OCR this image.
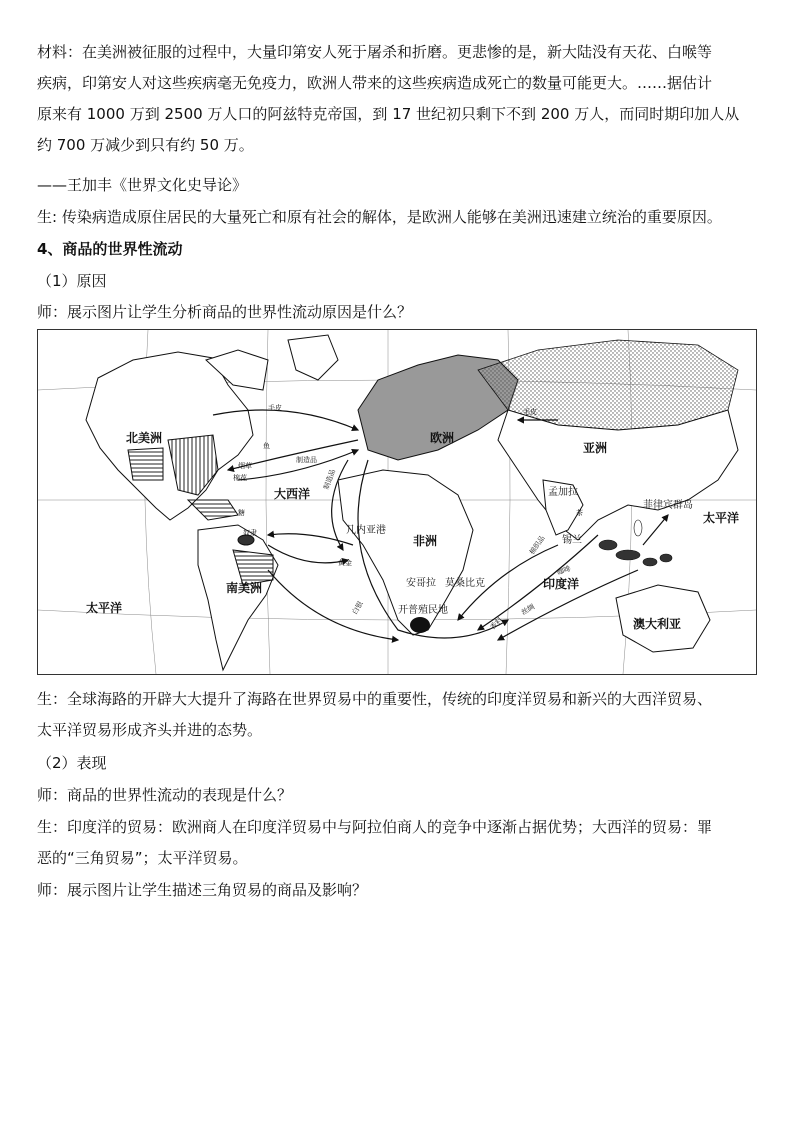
材料：在美洲被征服的过程中，大量印第安人死于屠杀和折磨。更悲惨的是，新大陆没有天花、白喉等
疾病，印第安人对这些疾病毫无免疫力，欧洲人带来的这些疾病造成死亡的数量可能更大。……据估计
原来有 1000 万到 2500 万人口的阿兹特克帝国，到 17 世纪初只剩下不到 200 万人，而同时期印加人从
约 700 万减少到只有约 50 万。
——王加丰《世界文化史导论》
生: 传染病造成原住居民的大量死亡和原有社会的解体，是欧洲人能够在美洲迅速建立统治的重要原因。
4、商品的世界性流动
（1）原因
师：展示图片让学生分析商品的世界性流动原因是什么？
北美洲
南美洲
大西洋
太平洋
太平洋
印度洋
非洲
欧洲
亚洲
澳大利亚
几内亚港
安哥拉 莫桑比克
开普殖民地
孟加拉
锡兰
菲律宾群岛
制造品
制造品
毛皮
棉花
烟草
糖
奴隶
鱼
白银
香料
茶
丝绸
棉织品
毛皮
咖啡
黄金
生：全球海路的开辟大大提升了海路在世界贸易中的重要性，传统的印度洋贸易和新兴的大西洋贸易、
太平洋贸易形成齐头并进的态势。
（2）表现
师：商品的世界性流动的表现是什么？
生：印度洋的贸易：欧洲商人在印度洋贸易中与阿拉伯商人的竞争中逐渐占据优势；大西洋的贸易：罪
恶的“三角贸易”；太平洋贸易。
师：展示图片让学生描述三角贸易的商品及影响？
